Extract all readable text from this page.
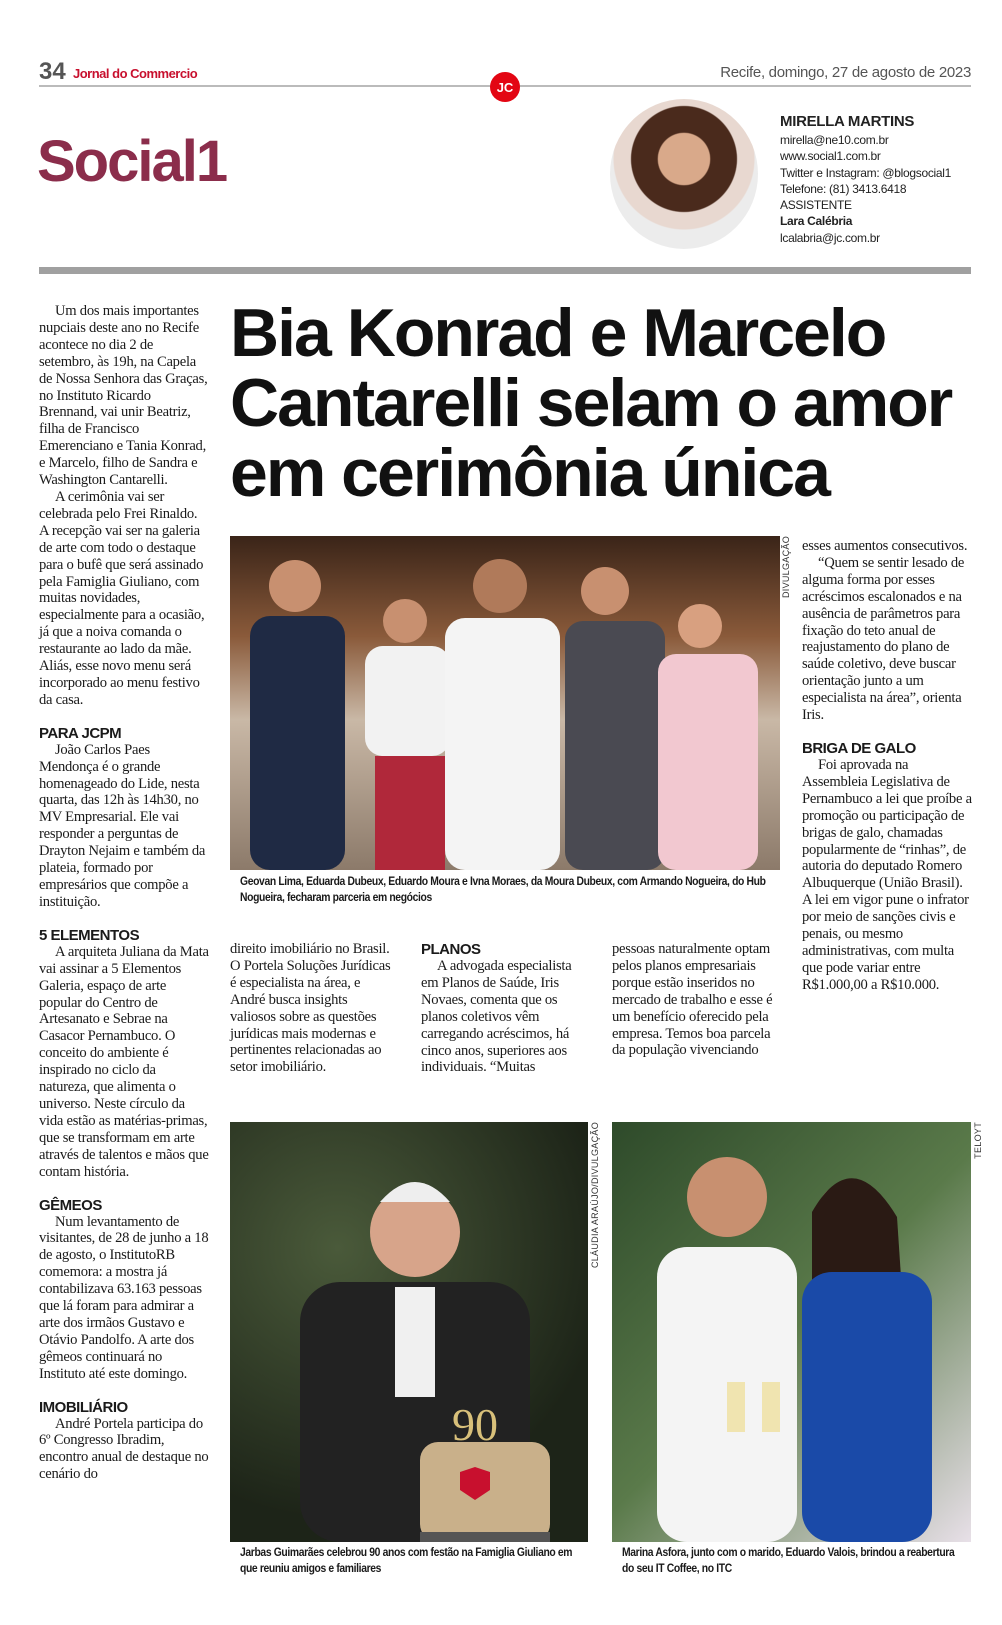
34 Jornal do Commercio	Recife, domingo, 27 de agosto de 2023
JC
Social1
MIRELLA MARTINS
mirella@ne10.com.br
www.social1.com.br
Twitter e Instagram: @blogsocial1
Telefone: (81) 3413.6418
ASSISTENTE
Lara Calébria
lcalabria@jc.com.br

Um dos mais importantes nupciais deste ano no Recife acontece no dia 2 de setembro, às 19h, na Capela de Nossa Senhora das Graças, no Instituto Ricardo Brennand, vai unir Beatriz, filha de Francisco Emerenciano e Tania Konrad, e Marcelo, filho de Sandra e Washington Cantarelli.

A cerimônia vai ser celebrada pelo Frei Rinaldo. A recepção vai ser na galeria de arte com todo o destaque para o bufê que será assinado pela Famiglia Giuliano, com muitas novidades, especialmente para a ocasião, já que a noiva comanda o restaurante ao lado da mãe. Aliás, esse novo menu será incorporado ao menu festivo da casa.

PARA JCPM

João Carlos Paes Mendonça é o grande homenageado do Lide, nesta quarta, das 12h às 14h30, no MV Empresarial. Ele vai responder a perguntas de Drayton Nejaim e também da plateia, formado por empresários que compõe a instituição.

5 ELEMENTOS

A arquiteta Juliana da Mata vai assinar a 5 Elementos Galeria, espaço de arte popular do Centro de Artesanato e Sebrae na Casacor Pernambuco. O conceito do ambiente é inspirado no ciclo da natureza, que alimenta o universo. Neste círculo da vida estão as matérias-primas, que se transformam em arte através de talentos e mãos que contam história.

GÊMEOS

Num levantamento de visitantes, de 28 de junho a 18 de agosto, o InstitutoRB comemora: a mostra já contabilizava 63.163 pessoas que lá foram para admirar a arte dos irmãos Gustavo e Otávio Pandolfo. A arte dos gêmeos continuará no Instituto até este domingo.

IMOBILIÁRIO

André Portela participa do 6º Congresso Ibradim, encontro anual de destaque no cenário do

Bia Konrad e Marcelo Cantarelli selam o amor em cerimônia única
DIVULGAÇÃO
Geovan Lima, Eduarda Dubeux, Eduardo Moura e Ivna Moraes, da Moura Dubeux, com Armando Nogueira, do Hub Nogueira, fecharam parceria em negócios
esses aumentos consecutivos.

“Quem se sentir lesado de alguma forma por esses acréscimos escalonados e na ausência de parâmetros para fixação do teto anual de reajustamento do plano de saúde coletivo, deve buscar orientação junto a um especialista na área”, orienta Iris.

BRIGA DE GALO

Foi aprovada na Assembleia Legislativa de Pernambuco a lei que proíbe a promoção ou participação de brigas de galo, chamadas popularmente de “rinhas”, de autoria do deputado Romero Albuquerque (União Brasil). A lei em vigor pune o infrator por meio de sanções civis e penais, ou mesmo administrativas, com multa que pode variar entre R$1.000,00 a R$10.000.

direito imobiliário no Brasil. O Portela Soluções Jurídicas é especialista na área, e André busca insights valiosos sobre as questões jurídicas mais modernas e pertinentes relacionadas ao setor imobiliário.
PLANOS

A advogada especialista em Planos de Saúde, Iris Novaes, comenta que os planos coletivos vêm carregando acréscimos, há cinco anos, superiores aos individuais. “Muitas

pessoas naturalmente optam pelos planos empresariais porque estão inseridos no mercado de trabalho e esse é um benefício oferecido pela empresa. Temos boa parcela da população vivenciando
90
CLÁUDIA ARAÚJO/DIVULGAÇÃO
Jarbas Guimarães celebrou 90 anos com festão na Famiglia Giuliano em que reuniu amigos e familiares
TELOYT
Marina Asfora, junto com o marido, Eduardo Valois, brindou a reabertura do seu IT Coffee, no ITC
